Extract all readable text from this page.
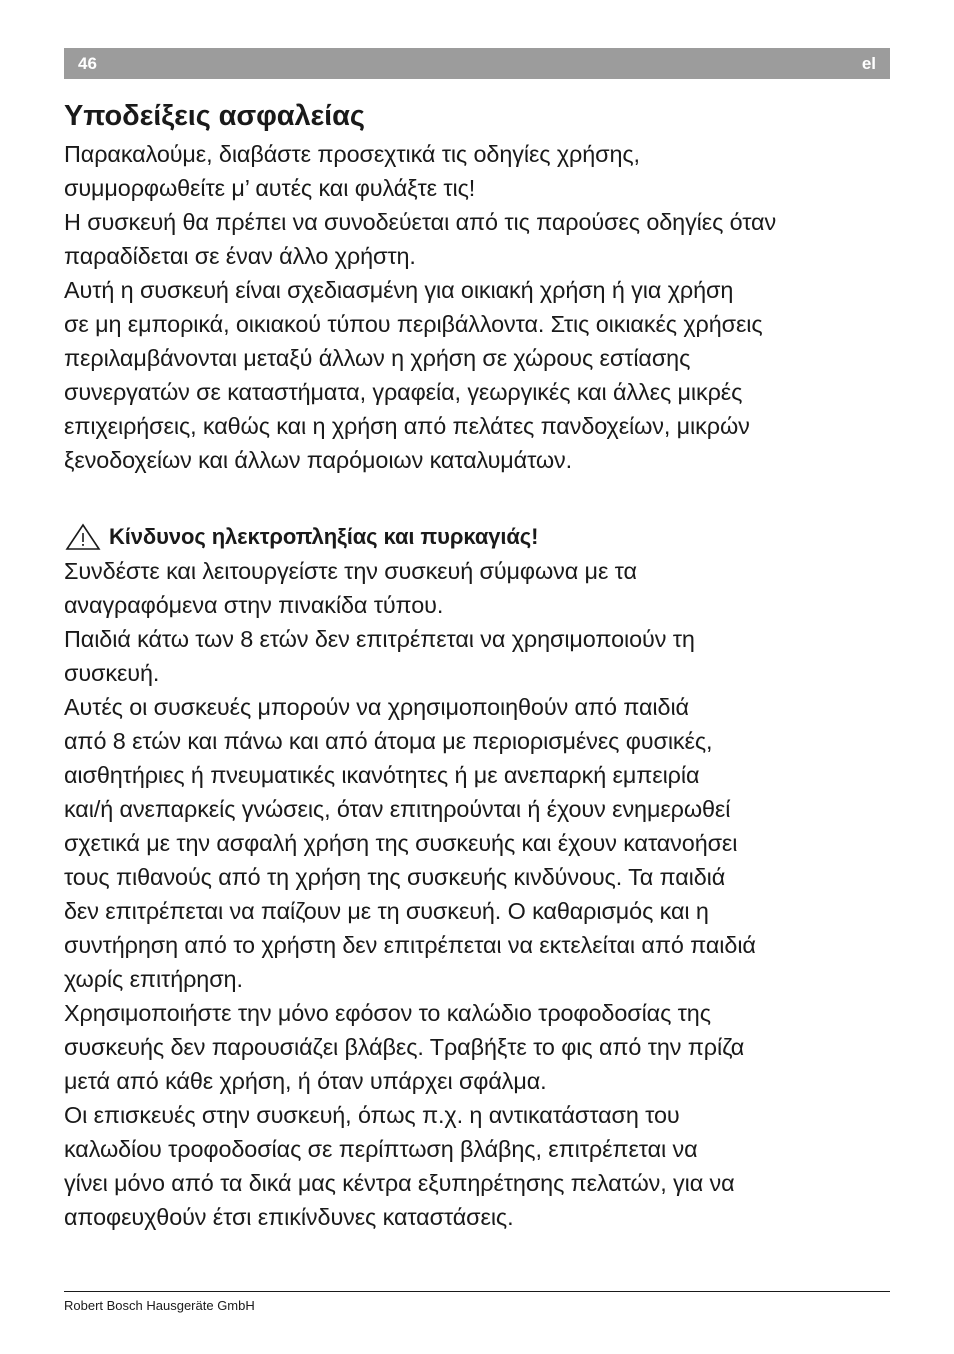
46	el
Υποδείξεις ασφαλείας

Παρακαλούμε, διαβάστε προσεχτικά τις οδηγίες χρήσης,
συμμορφωθείτε μ’ αυτές και φυλάξτε τις!

Η συσκευή θα πρέπει να συνοδεύεται από τις παρούσες οδηγίες όταν
παραδίδεται σε έναν άλλο χρήστη.

Αυτή η συσκευή είναι σχεδιασμένη για οικιακή χρήση ή για χρήση
σε μη εμπορικά, οικιακού τύπου περιβάλλοντα. Στις οικιακές χρήσεις
περιλαμβάνονται μεταξύ άλλων η χρήση σε χώρους εστίασης
συνεργατών σε καταστήματα, γραφεία, γεωργικές και άλλες μικρές
επιχειρήσεις, καθώς και η χρήση από πελάτες πανδοχείων, μικρών
ξενοδοχείων και άλλων παρόμοιων καταλυμάτων.

Κίνδυνος ηλεκτροπληξίας και πυρκαγιάς!

Συνδέστε και λειτουργείστε την συσκευή σύμφωνα με τα
αναγραφόμενα στην πινακίδα τύπου.

Παιδιά κάτω των 8 ετών δεν επιτρέπεται να χρησιμοποιούν τη
συσκευή.

Αυτές οι συσκευές μπορούν να χρησιμοποιηθούν από παιδιά
από 8 ετών και πάνω και από άτομα με περιορισμένες φυσικές,
αισθητήριες ή πνευματικές ικανότητες ή με ανεπαρκή εμπειρία
και/ή ανεπαρκείς γνώσεις, όταν επιτηρούνται ή έχουν ενημερωθεί
σχετικά με την ασφαλή χρήση της συσκευής και έχουν κατανοήσει
τους πιθανούς από τη χρήση της συσκευής κινδύνους. Τα παιδιά
δεν επιτρέπεται να παίζουν με τη συσκευή. Ο καθαρισμός και η
συντήρηση από το χρήστη δεν επιτρέπεται να εκτελείται από παιδιά
χωρίς επιτήρηση.

Χρησιμοποιήστε την μόνο εφόσον το καλώδιο τροφοδοσίας της
συσκευής δεν παρουσιάζει βλάβες. Τραβήξτε το φις από την πρίζα
μετά από κάθε χρήση, ή όταν υπάρχει σφάλμα.

Οι επισκευές στην συσκευή, όπως π.χ. η αντικατάσταση του
καλωδίου τροφοδοσίας σε περίπτωση βλάβης, επιτρέπεται να
γίνει μόνο από τα δικά μας κέντρα εξυπηρέτησης πελατών, για να
αποφευχθούν έτσι επικίνδυνες καταστάσεις.

Robert Bosch Hausgeräte GmbH
